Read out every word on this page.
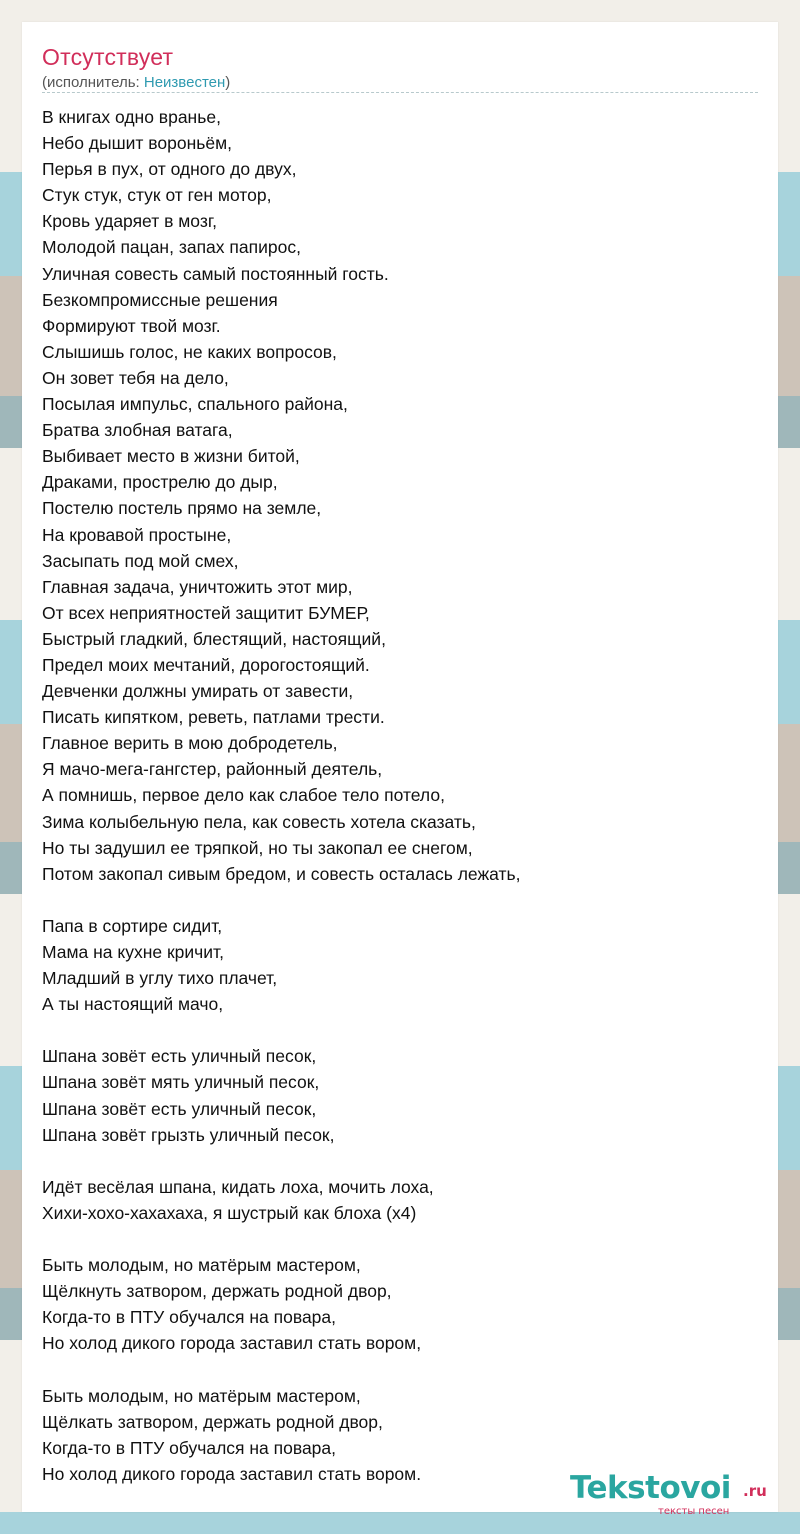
Отсутствует
(исполнитель: Неизвестен)
В книгах одно вранье,
Небо дышит вороньём,
Перья в пух, от одного до двух,
Стук стук, стук от ген мотор,
Кровь ударяет в мозг,
Молодой пацан, запах папирос,
Уличная совесть самый постоянный гость.
Безкомпромиссные решения
Формируют твой мозг.
Слышишь голос, не каких вопросов,
Он зовет тебя на дело,
Посылая импульс, спального района,
Братва злобная ватага,
Выбивает место в жизни битой,
Драками, прострелю до дыр,
Постелю постель прямо на земле,
На кровавой простыне,
Засыпать под мой смех,
Главная задача, уничтожить этот мир,
От всех неприятностей защитит БУМЕР,
Быстрый гладкий, блестящий, настоящий,
Предел моих мечтаний, дорогостоящий.
Девченки должны умирать от завести,
Писать кипятком, реветь, патлами трести.
Главное верить в мою добродетель,
Я мачо-мега-гангстер, районный деятель,
А помнишь, первое дело как слабое тело потело,
Зима колыбельную пела, как совесть хотела сказать,
Но ты задушил ее тряпкой, но ты закопал ее снегом,
Потом закопал сивым бредом, и совесть осталась лежать,
Папа в сортире сидит,
Мама на кухне кричит,
Младший в углу тихо плачет,
А ты настоящий мачо,
Шпана зовёт есть уличный песок,
Шпана зовёт мять уличный песок,
Шпана зовёт есть уличный песок,
Шпана зовёт грызть уличный песок,
Идёт весёлая шпана, кидать лоха, мочить лоха,
Хихи-хохо-хахахаха, я шустрый как блоха (x4)
Быть молодым, но матёрым мастером,
Щёлкнуть затвором, держать родной двор,
Когда-то в ПТУ обучался на повара,
Но холод дикого города заставил стать вором,
Быть молодым, но матёрым мастером,
Щёлкать затвором, держать родной двор,
Когда-то в ПТУ обучался на повара,
Но холод дикого города заставил стать вором.	Tekstovoi .ru
тексты песен
